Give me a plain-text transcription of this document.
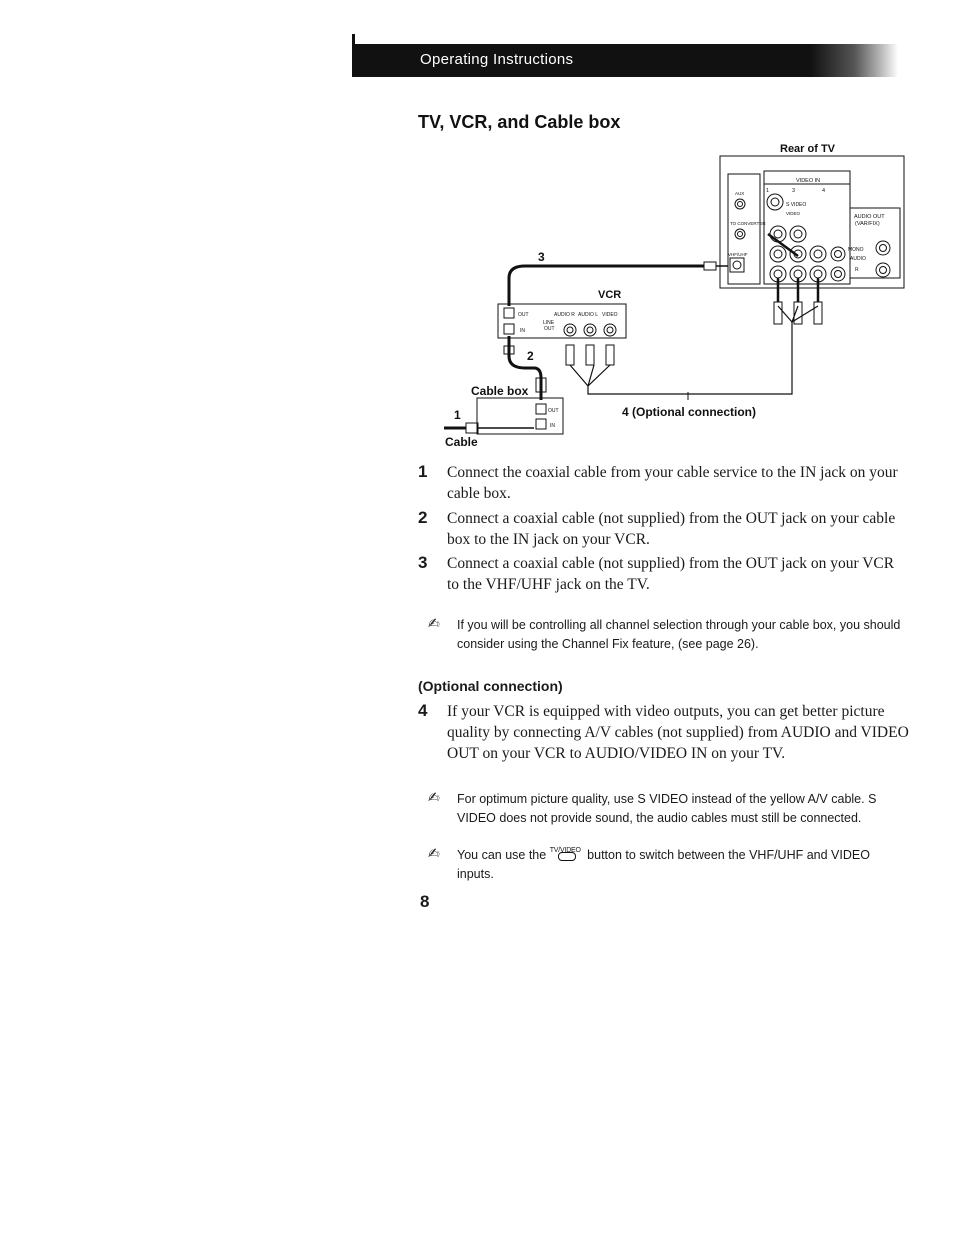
Operating Instructions
TV, VCR, and Cable box
Rear of TV
VIDEO IN
1	3	4
AUX
TO CONVERTER
S VIDEO
VIDEO
VHF/UHF
AUDIO OUT
(VAR/FIX)
MONO
AUDIO
R
VCR
OUT
IN
AUDIO R AUDIO L VIDEO
LINE
OUT
Cable box
OUT
IN
Cable
1
2
3
4 (Optional connection)
1 Connect the coaxial cable from your cable service to the IN jack on your cable box.
2 Connect a coaxial cable (not supplied) from the OUT jack on your cable box to the IN jack on your VCR.
3 Connect a coaxial cable (not supplied) from the OUT jack on your VCR to the VHF/UHF jack on the TV.
✍ If you will be controlling all channel selection through your cable box, you should consider using the Channel Fix feature, (see page 26).
(Optional connection)
4 If your VCR is equipped with video outputs, you can get better picture quality by connecting A/V cables (not supplied) from AUDIO and VIDEO OUT on your VCR to AUDIO/VIDEO IN on your TV.
✍ For optimum picture quality, use S VIDEO instead of the yellow A/V cable. S VIDEO does not provide sound, the audio cables must still be connected.
✍ You can use the TV/VIDEO button to switch between the VHF/UHF and VIDEO inputs.
8
